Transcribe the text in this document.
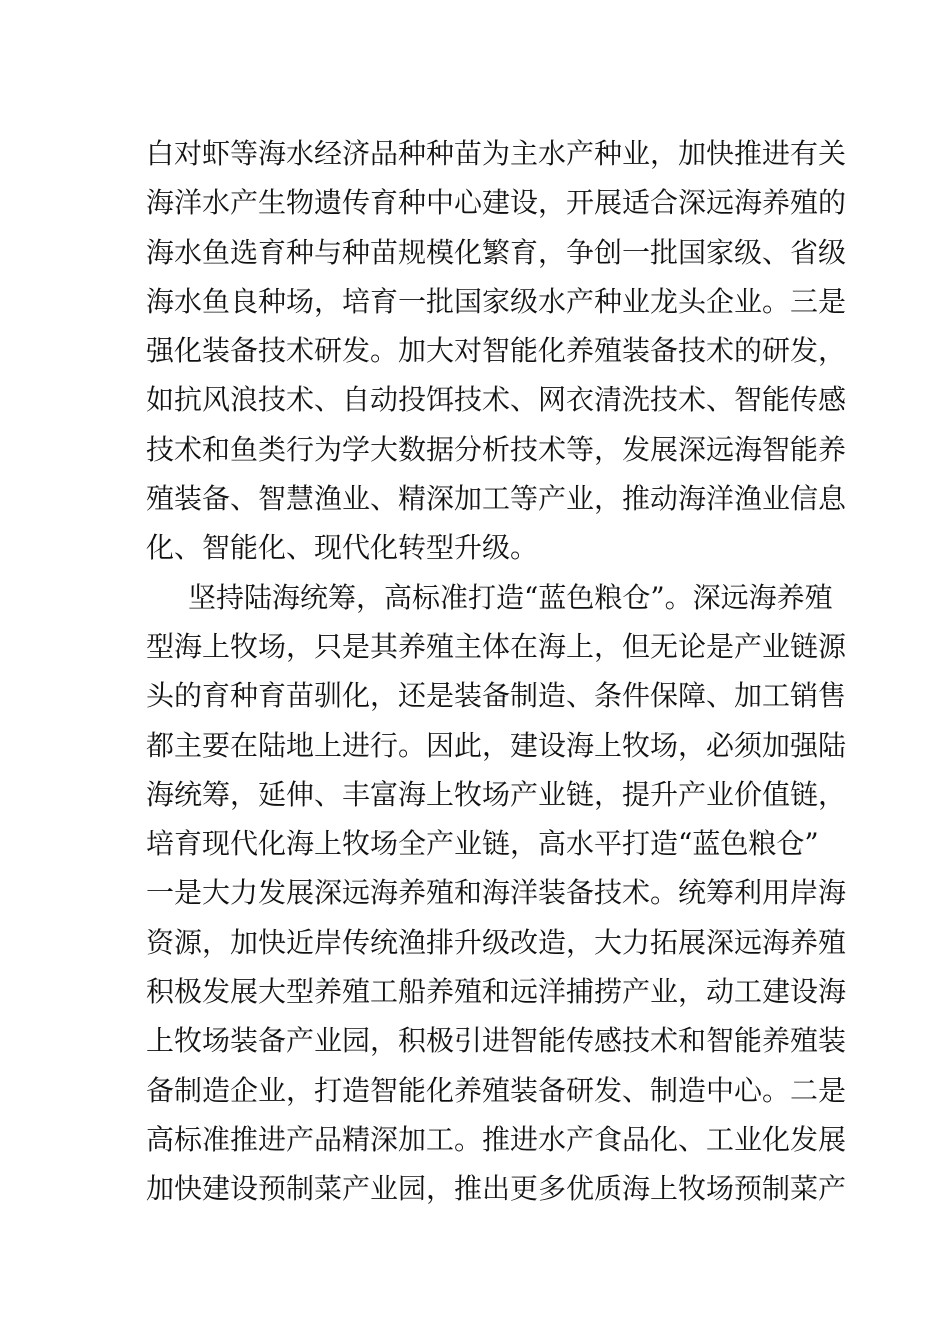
白对虾等海水经济品种种苗为主水产种业，加快推进有关
海洋水产生物遗传育种中心建设，开展适合深远海养殖的
海水鱼选育种与种苗规模化繁育，争创一批国家级、省级
海水鱼良种场，培育一批国家级水产种业龙头企业。三是
强化装备技术研发。加大对智能化养殖装备技术的研发，
如抗风浪技术、自动投饵技术、网衣清洗技术、智能传感
技术和鱼类行为学大数据分析技术等，发展深远海智能养
殖装备、智慧渔业、精深加工等产业，推动海洋渔业信息
化、智能化、现代化转型升级。
坚持陆海统筹，高标准打造“蓝色粮仓”。深远海养殖
型海上牧场，只是其养殖主体在海上，但无论是产业链源
头的育种育苗驯化，还是装备制造、条件保障、加工销售
都主要在陆地上进行。因此，建设海上牧场，必须加强陆
海统筹，延伸、丰富海上牧场产业链，提升产业价值链，
培育现代化海上牧场全产业链，高水平打造“蓝色粮仓”
一是大力发展深远海养殖和海洋装备技术。统筹利用岸海
资源，加快近岸传统渔排升级改造，大力拓展深远海养殖
积极发展大型养殖工船养殖和远洋捕捞产业，动工建设海
上牧场装备产业园，积极引进智能传感技术和智能养殖装
备制造企业，打造智能化养殖装备研发、制造中心。二是
高标准推进产品精深加工。推进水产食品化、工业化发展
加快建设预制菜产业园，推出更多优质海上牧场预制菜产
